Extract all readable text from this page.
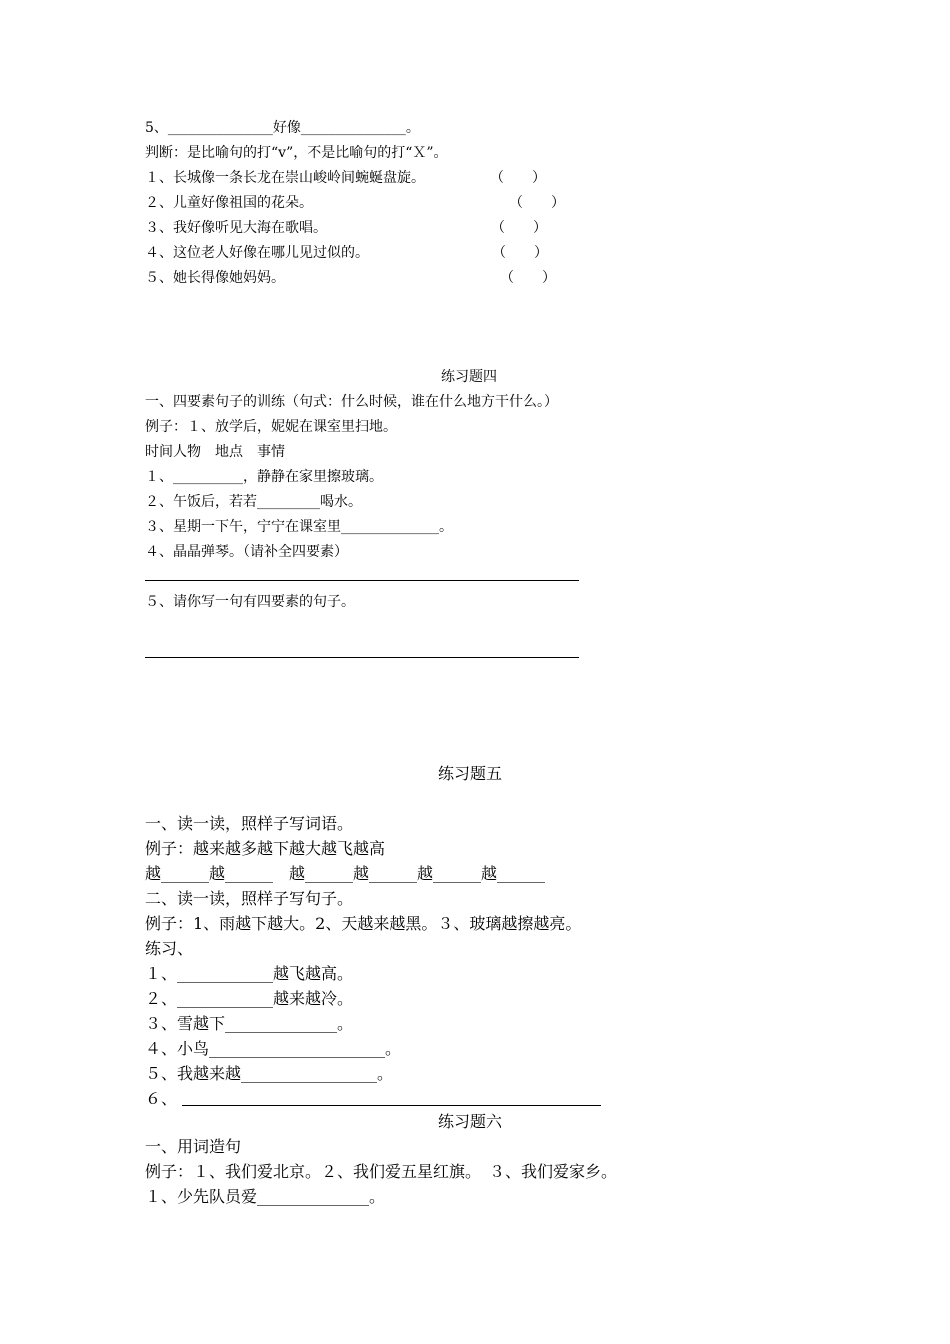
5、_______________好像_______________。
判断：是比喻句的打“v”，不是比喻句的打“Ｘ”。
１、长城像一条长龙在崇山峻岭间蜿蜒盘旋。	（　　）
２、儿童好像祖国的花朵。	（　　）
３、我好像听见大海在歌唱。	（　　）
４、这位老人好像在哪儿见过似的。	（　　）
５、她长得像她妈妈。	（　　）
练习题四
一、四要素句子的训练（句式：什么时候，谁在什么地方干什么。）
例子：１、放学后，妮妮在课室里扫地。
时间人物　地点　事情
１、__________，静静在家里擦玻璃。
２、午饭后，若若_________喝水。
３、星期一下午，宁宁在课室里______________。
４、晶晶弹琴。（请补全四要素）
５、请你写一句有四要素的句子。
练习题五
一、读一读，照样子写词语。
例子：越来越多越下越大越飞越高
越______越______　越______越______越______越______
二、读一读，照样子写句子。
例子：1、雨越下越大。2、天越来越黑。３、玻璃越擦越亮。
练习、
１、____________越飞越高。
２、____________越来越冷。
３、雪越下______________。
４、小鸟______________________。
５、我越来越_________________。
６、
练习题六
一、用词造句
例子：１、我们爱北京。２、我们爱五星红旗。　３、我们爱家乡。
１、少先队员爱______________。
